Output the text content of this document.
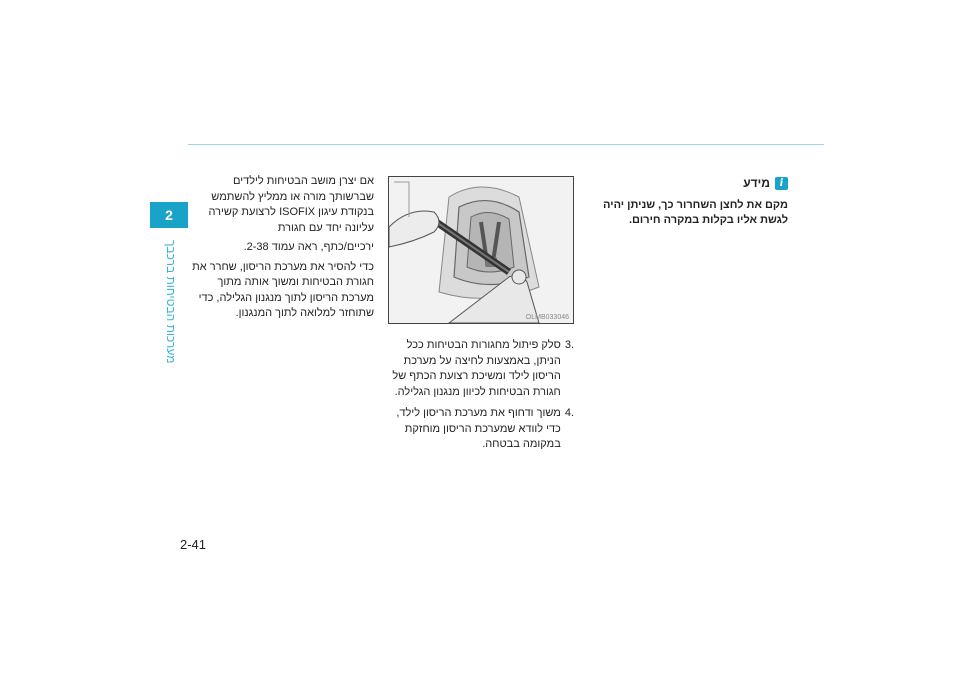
2
מערכות הבטיחות ברכבך
2-41

אם יצרן מושב הבטיחות לילדים שברשותך מורה או ממליץ להשתמש בנקודת עיגון ISOFIX לרצועת קשירה עליונה יחד עם חגורת

ירכיים/כתף, ראה עמוד 2-38.

כדי להסיר את מערכת הריסון, שחרר את חגורת הבטיחות ומשוך אותה מתוך מערכת הריסון לתוך מנגנון הגלילה, כדי שתוחזר למלואה לתוך המנגנון.	OLMB033046
.3
סלק פיתול מחגורות הבטיחות ככל הניתן, באמצעות לחיצה על מערכת הריסון לילד ומשיכת רצועת הכתף של חגורת הבטיחות לכיוון מנגנון הגלילה.
.4
משוך ודחוף את מערכת הריסון לילד, כדי לוודא שמערכת הריסון מוחזקת במקומה בבטחה.
i
מידע
מקם את לחצן השחרור כך, שניתן יהיה לגשת אליו בקלות במקרה חירום.
